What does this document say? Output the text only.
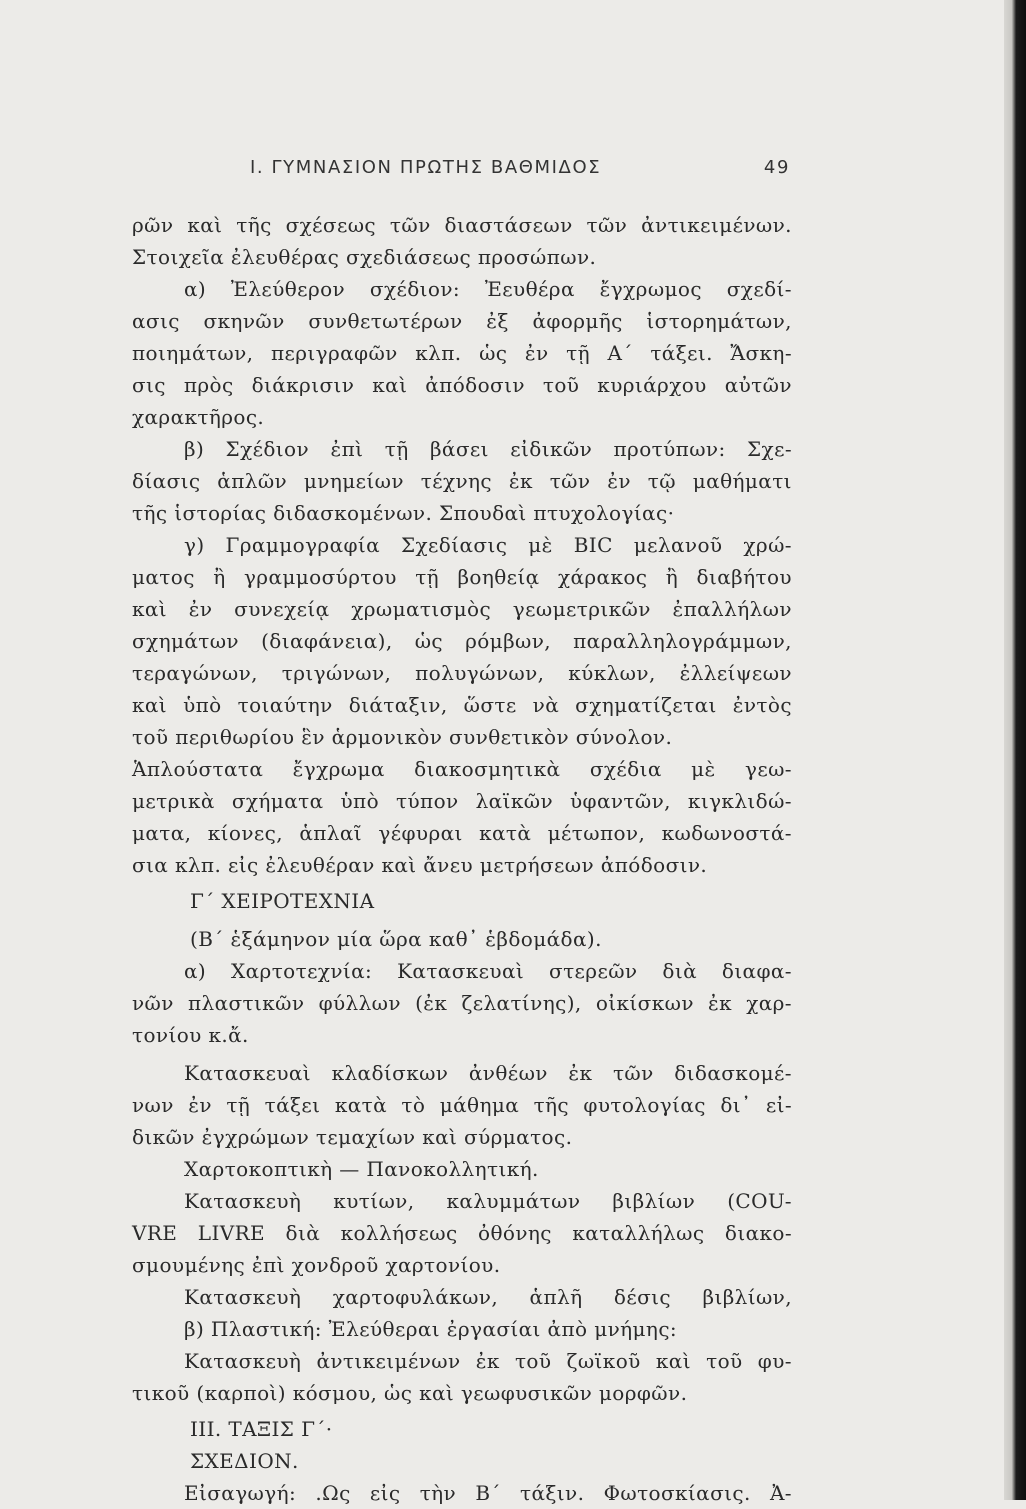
I. ΓΥΜΝΑΣΙΟΝ ΠΡΩΤΗΣ ΒΑΘΜΙΔΟΣ	49
ρῶν καὶ τῆς σχέσεως τῶν διαστάσεων τῶν ἀντικειμένων.
Στοιχεῖα ἐλευθέρας σχεδιάσεως προσώπων.
α) Ἐλεύθερον σχέδιον: Ἐευθέρα ἔγχρωμος σχεδί-
ασις σκηνῶν συνθετωτέρων ἐξ ἀφορμῆς ἱστορημάτων,
ποιημάτων, περιγραφῶν κλπ. ὡς ἐν τῇ Α΄ τάξει. Ἄσκη-
σις πρὸς διάκρισιν καὶ ἀπόδοσιν τοῦ κυριάρχου αὐτῶν
χαρακτῆρος.
β) Σχέδιον ἐπὶ τῇ βάσει εἰδικῶν προτύπων: Σχε-
δίασις ἁπλῶν μνημείων τέχνης ἐκ τῶν ἐν τῷ μαθήματι
τῆς ἱστορίας διδασκομένων. Σπουδαὶ πτυχολογίας·
γ) Γραμμογραφία Σχεδίασις μὲ BIC μελανοῦ χρώ-
ματος ἢ γραμμοσύρτου τῇ βοηθείᾳ χάρακος ἢ διαβήτου
καὶ ἐν συνεχείᾳ χρωματισμὸς γεωμετρικῶν ἐπαλλήλων
σχημάτων (διαφάνεια), ὡς ρόμβων, παραλληλογράμμων,
τεραγώνων, τριγώνων, πολυγώνων, κύκλων, ἐλλείψεων
καὶ ὑπὸ τοιαύτην διάταξιν, ὥστε νὰ σχηματίζεται ἐντὸς
τοῦ περιθωρίου ἓν ἁρμονικὸν συνθετικὸν σύνολον.
Ἁπλούστατα ἔγχρωμα διακοσμητικὰ σχέδια μὲ γεω-
μετρικὰ σχήματα ὑπὸ τύπον λαϊκῶν ὑφαντῶν, κιγκλιδώ-
ματα, κίονες, ἁπλαῖ γέφυραι κατὰ μέτωπον, κωδωνοστά-
σια κλπ. εἰς ἐλευθέραν καὶ ἄνευ μετρήσεων ἀπόδοσιν.
Γ΄ ΧΕΙΡΟΤΕΧΝΙΑ
(Β΄ ἑξάμηνον μία ὥρα καθ᾿ ἑβδομάδα).
α) Χαρτοτεχνία: Κατασκευαὶ στερεῶν διὰ διαφα-
νῶν πλαστικῶν φύλλων (ἐκ ζελατίνης), οἰκίσκων ἐκ χαρ-
τονίου κ.ἄ.
Κατασκευαὶ κλαδίσκων ἀνθέων ἐκ τῶν διδασκομέ-
νων ἐν τῇ τάξει κατὰ τὸ μάθημα τῆς φυτολογίας δι᾿ εἰ-
δικῶν ἐγχρώμων τεμαχίων καὶ σύρματος.
Χαρτοκοπτικὴ — Πανοκολλητική.
Κατασκευὴ κυτίων, καλυμμάτων βιβλίων (COU-
VRE LIVRE διὰ κολλήσεως ὀθόνης καταλλήλως διακο-
σμουμένης ἐπὶ χονδροῦ χαρτονίου.
Κατασκευὴ χαρτοφυλάκων, ἁπλῆ δέσις βιβλίων,
β) Πλαστική: Ἐλεύθεραι ἐργασίαι ἀπὸ μνήμης:
Κατασκευὴ ἀντικειμένων ἐκ τοῦ ζωϊκοῦ καὶ τοῦ φυ-
τικοῦ (καρποὶ) κόσμου, ὡς καὶ γεωφυσικῶν μορφῶν.
ΙΙΙ. ΤΑΞΙΣ Γ΄·
ΣΧΕΔΙΟΝ.
Εἰσαγωγή: .Ως εἰς τὴν Β΄ τάξιν. Φωτοσκίασις. Ἀ-
